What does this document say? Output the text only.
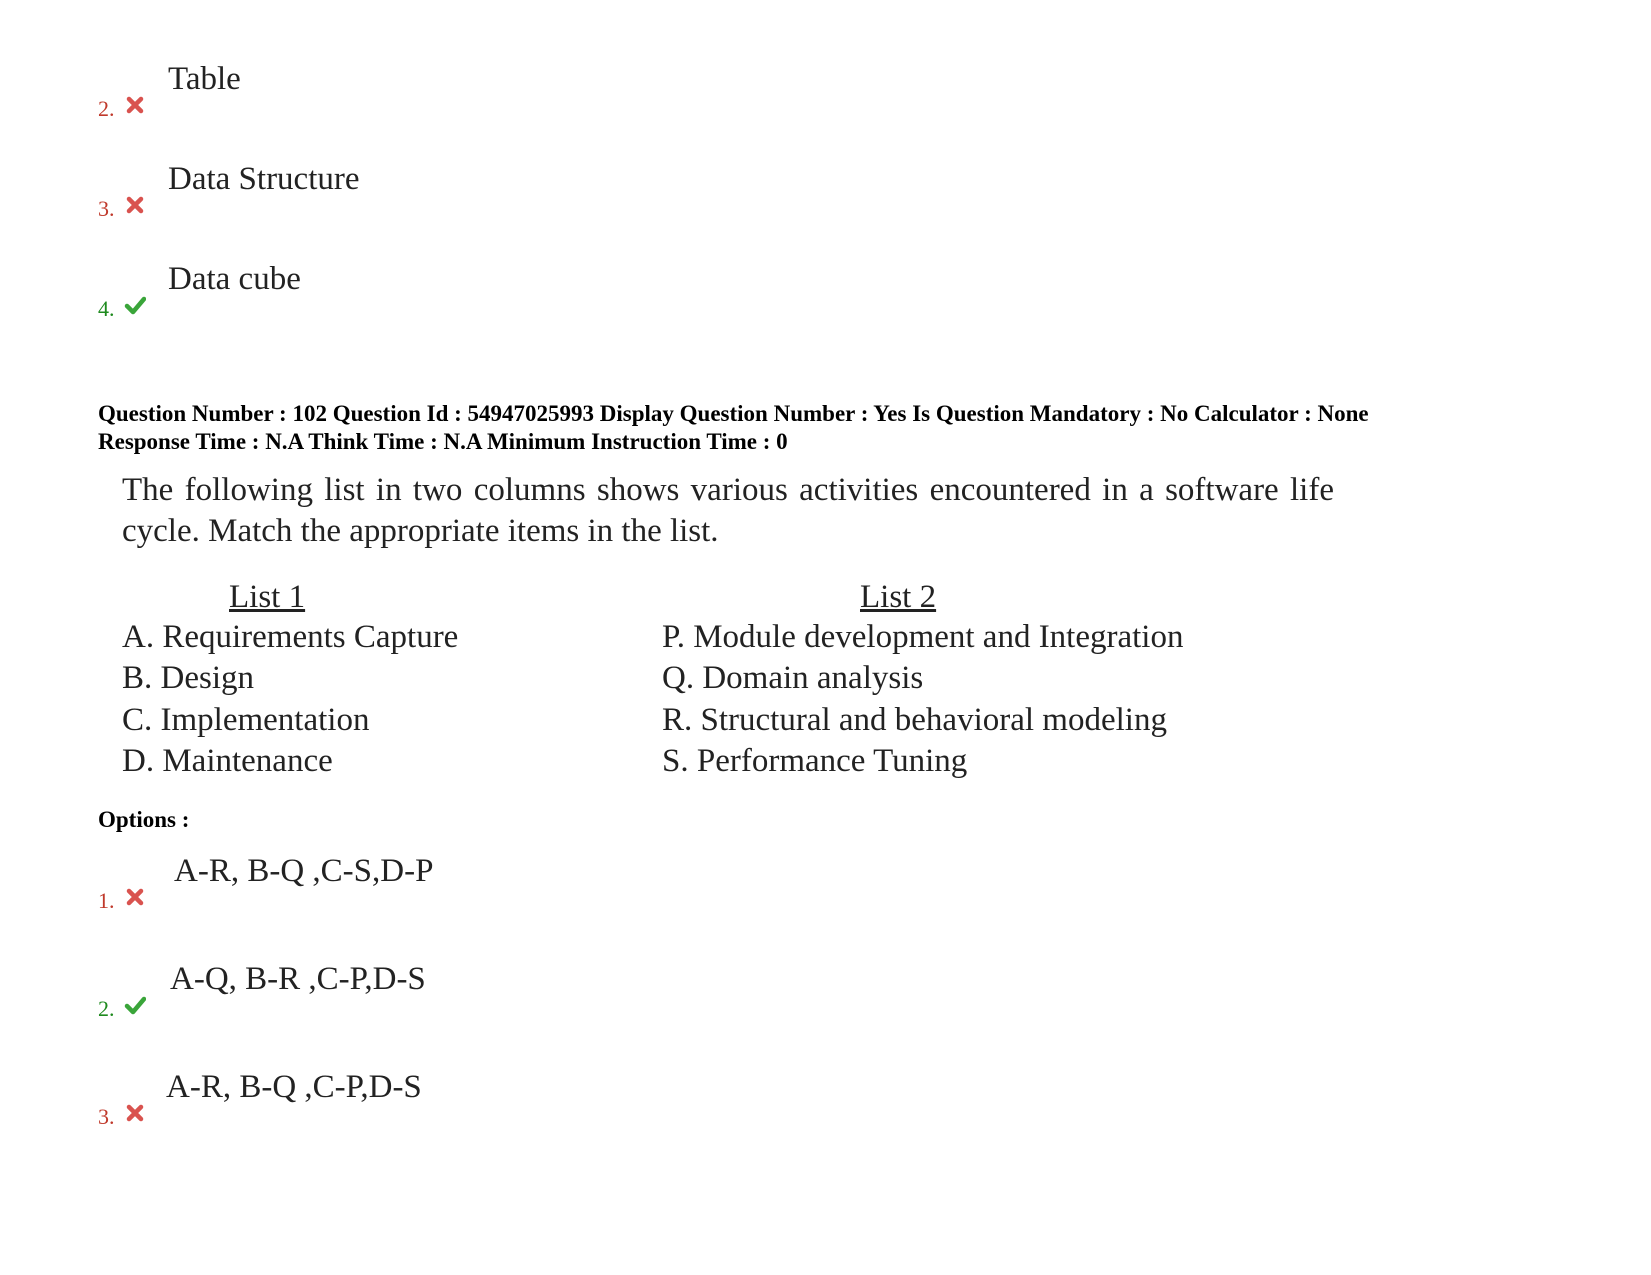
2.
Table
3.
Data Structure
4.
Data cube
Question Number : 102 Question Id : 54947025993 Display Question Number : Yes Is Question Mandatory : No Calculator : None
Response Time : N.A Think Time : N.A Minimum Instruction Time : 0
The following list in two columns shows various activities encountered in a software life cycle. Match the appropriate items in the list.
List 1	List 2
A. Requirements Capture
B. Design
C. Implementation
D. Maintenance
P. Module development and Integration
Q. Domain analysis
R. Structural and behavioral modeling
S. Performance Tuning
Options :
1.
A-R, B-Q ,C-S,D-P
2.
A-Q, B-R ,C-P,D-S
3.
A-R, B-Q ,C-P,D-S
